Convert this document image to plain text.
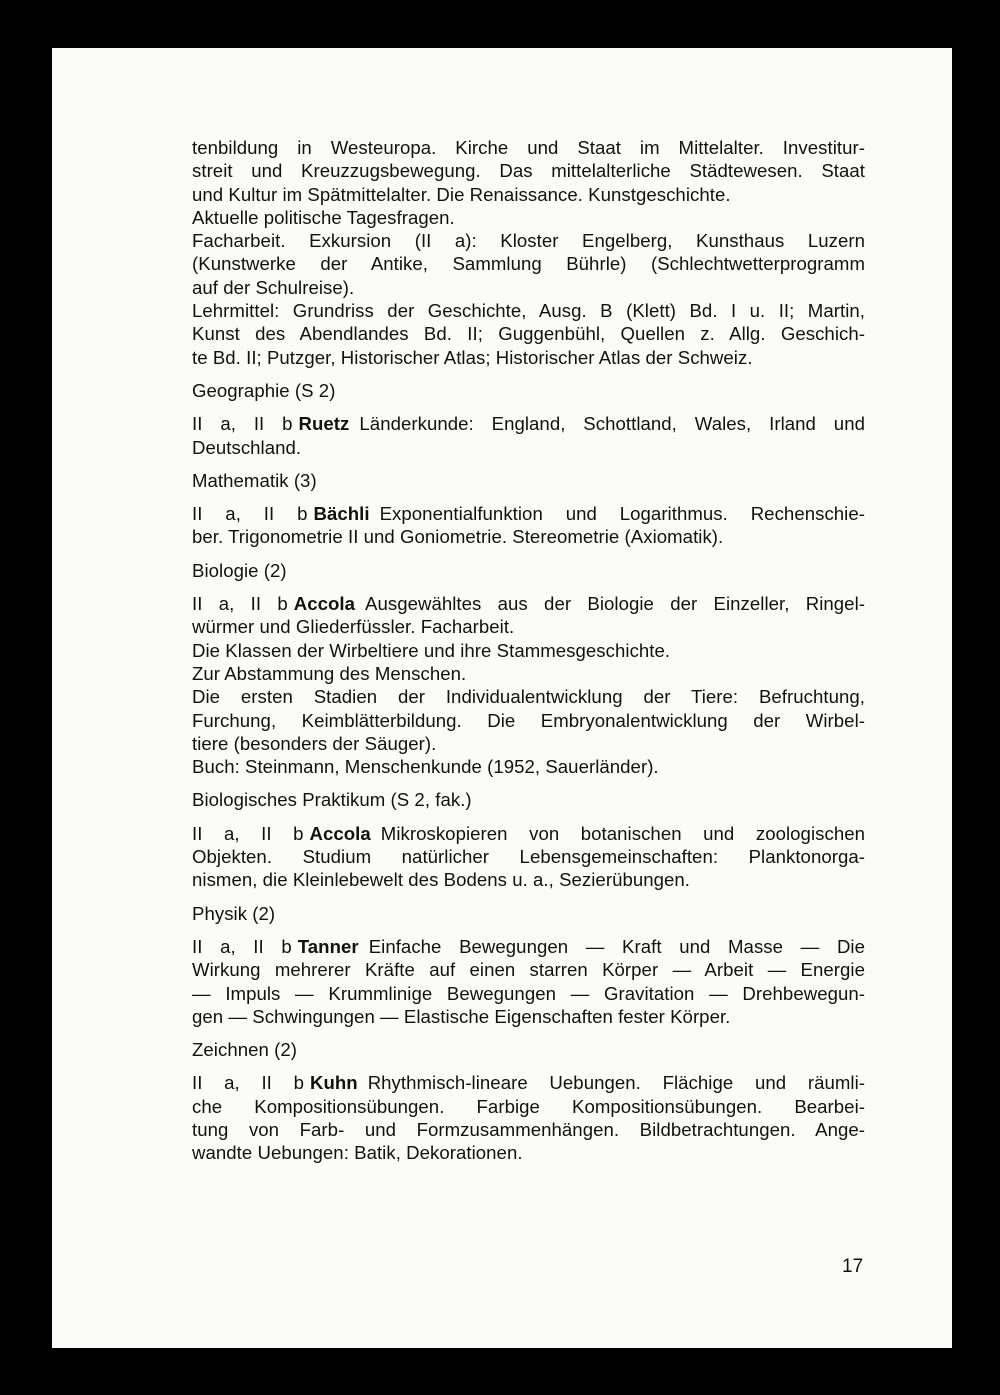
tenbildung in Westeuropa. Kirche und Staat im Mittelalter. Investitur-
streit und Kreuzzugsbewegung. Das mittelalterliche Städtewesen. Staat
und Kultur im Spätmittelalter. Die Renaissance. Kunstgeschichte.
Aktuelle politische Tagesfragen.
Facharbeit. Exkursion (II a): Kloster Engelberg, Kunsthaus Luzern
(Kunstwerke der Antike, Sammlung Bührle) (Schlechtwetterprogramm
auf der Schulreise).
Lehrmittel: Grundriss der Geschichte, Ausg. B (Klett) Bd. I u. II; Martin,
Kunst des Abendlandes Bd. II; Guggenbühl, Quellen z. Allg. Geschich-
te Bd. II; Putzger, Historischer Atlas; Historischer Atlas der Schweiz.
Geographie (S 2)
II a, II b Ruetz Länderkunde: England, Schottland, Wales, Irland und
Deutschland.
Mathematik (3)
II a, II b Bächli Exponentialfunktion und Logarithmus. Rechenschie-
ber. Trigonometrie II und Goniometrie. Stereometrie (Axiomatik).
Biologie (2)
II a, II b Accola Ausgewähltes aus der Biologie der Einzeller, Ringel-
würmer und Gliederfüssler. Facharbeit.
Die Klassen der Wirbeltiere und ihre Stammesgeschichte.
Zur Abstammung des Menschen.
Die ersten Stadien der Individualentwicklung der Tiere: Befruchtung,
Furchung, Keimblätterbildung. Die Embryonalentwicklung der Wirbel-
tiere (besonders der Säuger).
Buch: Steinmann, Menschenkunde (1952, Sauerländer).
Biologisches Praktikum (S 2, fak.)
II a, II b Accola Mikroskopieren von botanischen und zoologischen
Objekten. Studium natürlicher Lebensgemeinschaften: Planktonorga-
nismen, die Kleinlebewelt des Bodens u. a., Sezierübungen.
Physik (2)
II a, II b Tanner Einfache Bewegungen — Kraft und Masse — Die
Wirkung mehrerer Kräfte auf einen starren Körper — Arbeit — Energie
— Impuls — Krummlinige Bewegungen — Gravitation — Drehbewegun-
gen — Schwingungen — Elastische Eigenschaften fester Körper.
Zeichnen (2)
II a, II b Kuhn Rhythmisch-lineare Uebungen. Flächige und räumli-
che Kompositionsübungen. Farbige Kompositionsübungen. Bearbei-
tung von Farb- und Formzusammenhängen. Bildbetrachtungen. Ange-
wandte Uebungen: Batik, Dekorationen.
17
